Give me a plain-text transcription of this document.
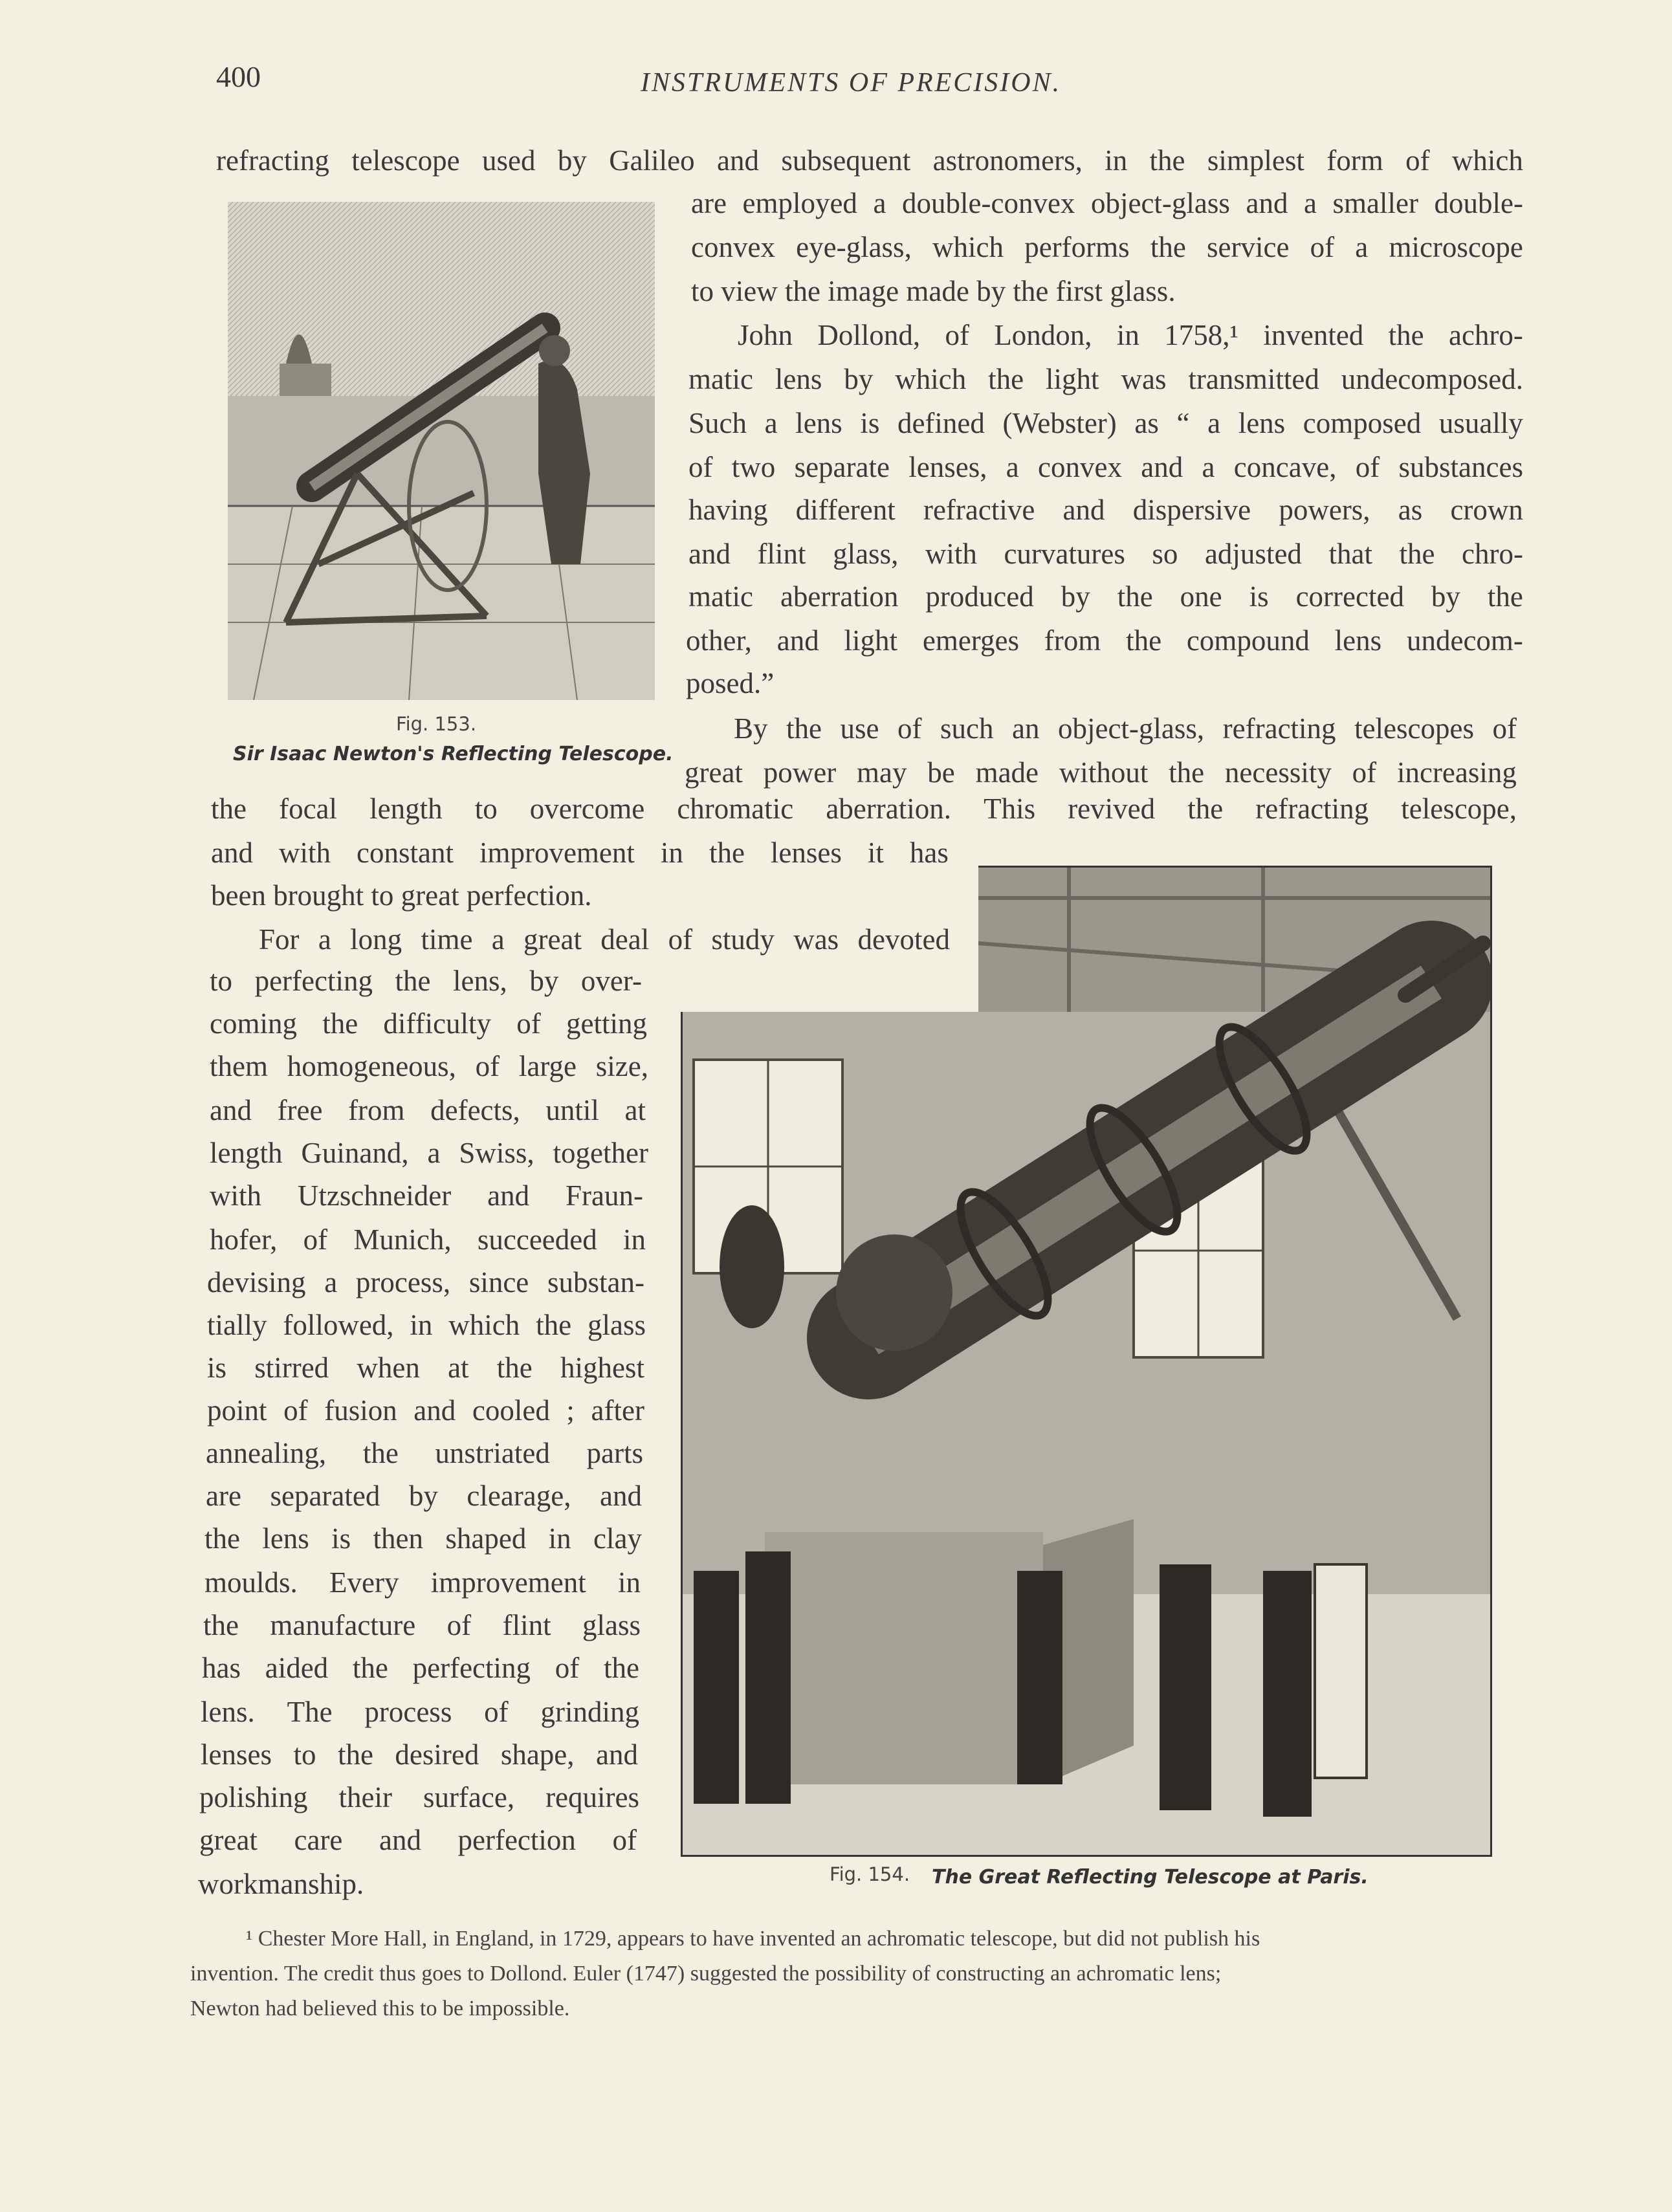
400	INSTRUMENTS OF PRECISION.
Fig. 153.
Sir Isaac Newton's Reflecting Telescope.
Fig. 154. The Great Reflecting Telescope at Paris.
refracting telescope used by Galileo and subsequent astronomers, in the simplest form of which
are employed a double-convex object-glass and a smaller double-
convex eye-glass, which performs the service of a microscope
to view the image made by the first glass.
John Dollond, of London, in 1758,¹ invented the achro-
matic lens by which the light was transmitted undecomposed.
Such a lens is defined (Webster) as “ a lens composed usually
of two separate lenses, a convex and a concave, of substances
having different refractive and dispersive powers, as crown
and flint glass, with curvatures so adjusted that the chro-
matic aberration produced by the one is corrected by the
other, and light emerges from the compound lens undecom-
posed.”
By the use of such an object-glass, refracting telescopes of
great power may be made without the necessity of increasing
the focal length to overcome chromatic aberration. This revived the refracting telescope,
and with constant improvement in the lenses it has
been brought to great perfection.
For a long time a great deal of study was devoted
to perfecting the lens, by over-
coming the difficulty of getting
them homogeneous, of large size,
and free from defects, until at
length Guinand, a Swiss, together
with Utzschneider and Fraun-
hofer, of Munich, succeeded in
devising a process, since substan-
tially followed, in which the glass
is stirred when at the highest
point of fusion and cooled ; after
annealing, the unstriated parts
are separated by clearage, and
the lens is then shaped in clay
moulds. Every improvement in
the manufacture of flint glass
has aided the perfecting of the
lens. The process of grinding
lenses to the desired shape, and
polishing their surface, requires
great care and perfection of
workmanship.
¹ Chester More Hall, in England, in 1729, appears to have invented an achromatic telescope, but did not publish his
invention. The credit thus goes to Dollond. Euler (1747) suggested the possibility of constructing an achromatic lens;
Newton had believed this to be impossible.
